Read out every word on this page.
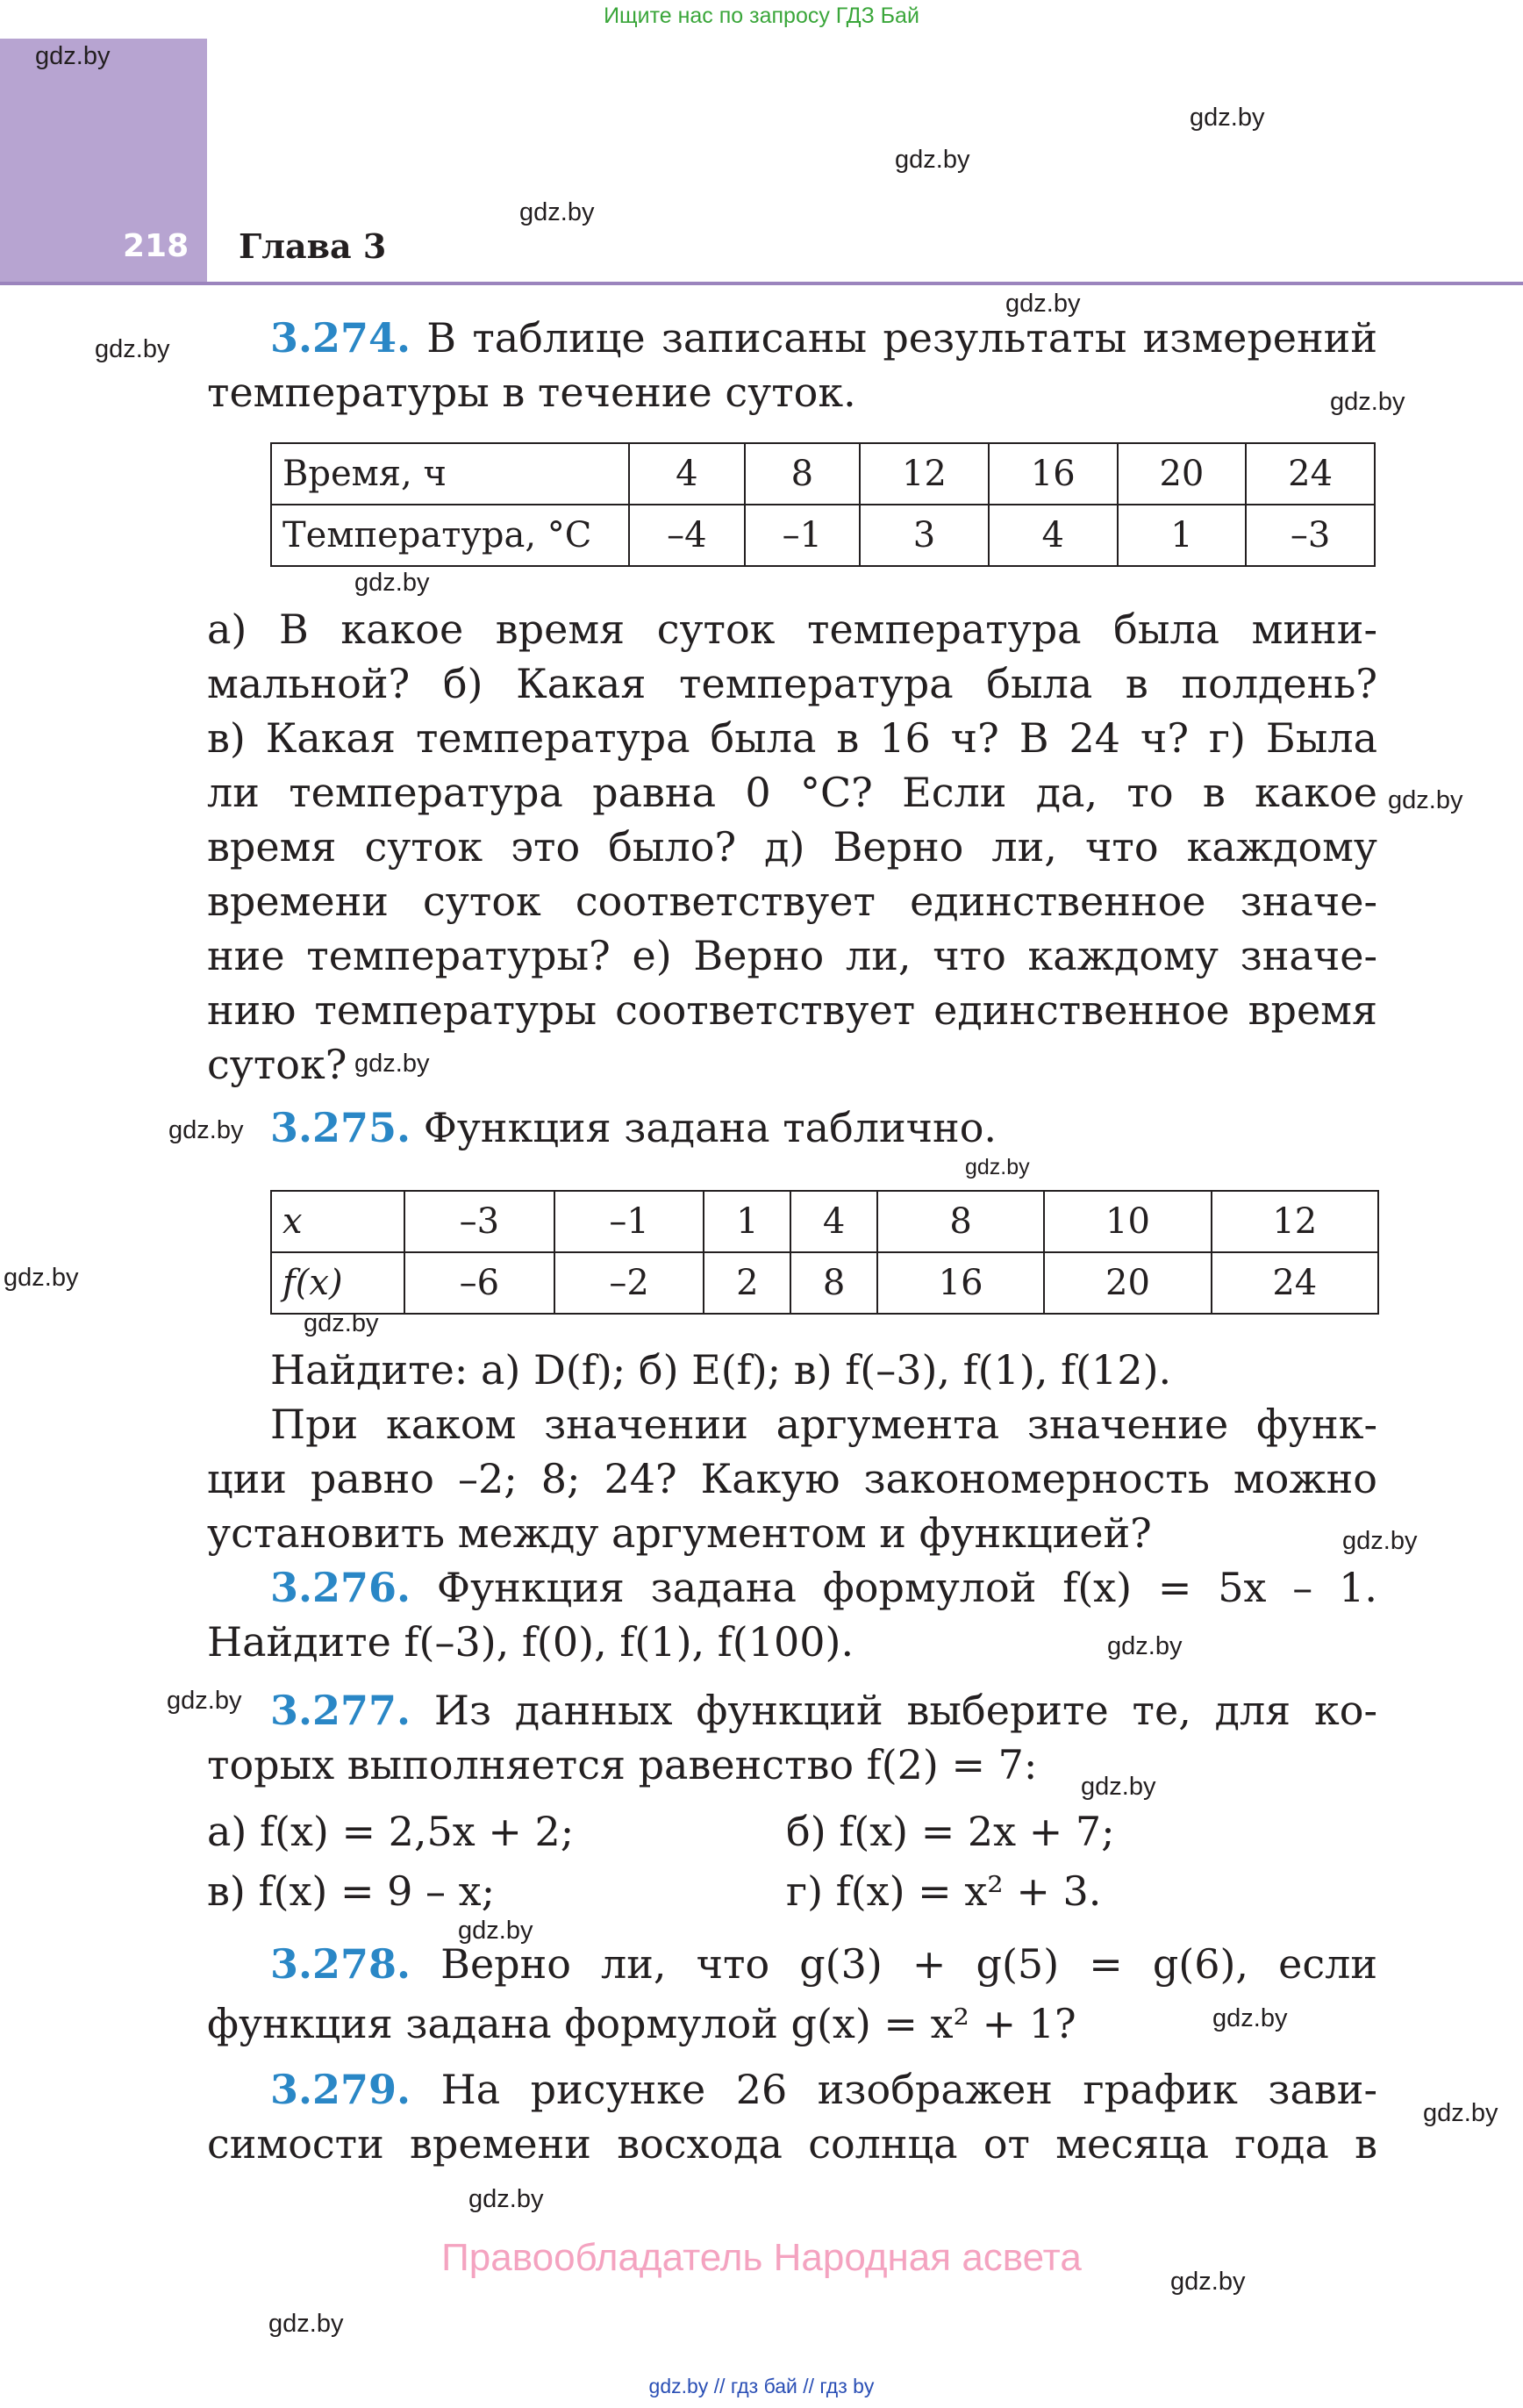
Ищите нас по запросу ГДЗ Бай
218 Глава 3
gdz.by
gdz.by
gdz.by
gdz.by
gdz.by
gdz.by
gdz.by
gdz.by
gdz.by
gdz.by
gdz.by
gdz.by
gdz.by
gdz.by
gdz.by
gdz.by
gdz.by
gdz.by
gdz.by
gdz.by
gdz.by
gdz.by
gdz.by
gdz.by
3.274. В таблице записаны результаты измерений
температуры в течение суток.
Время, ч	4	8	12	16	20	24
Температура, °С	–4	–1	3	4	1	–3
а) В какое время суток температура была мини-
мальной? б) Какая температура была в полдень?
в) Какая температура была в 16 ч? В 24 ч? г) Была
ли температура равна 0 °С? Если да, то в какое
время суток это было? д) Верно ли, что каждому
времени суток соответствует единственное значе-
ние температуры? е) Верно ли, что каждому значе-
нию температуры соответствует единственное время
суток?
3.275. Функция задана таблично.
x	–3	–1	1	4	8	10	12
f(x)	–6	–2	2	8	16	20	24
Найдите: а) D(f); б) E(f); в) f(–3), f(1), f(12).
При каком значении аргумента значение функ-
ции равно –2; 8; 24? Какую закономерность можно
установить между аргументом и функцией?
3.276. Функция задана формулой f(x) = 5x – 1.
Найдите f(–3), f(0), f(1), f(100).
3.277. Из данных функций выберите те, для ко-
торых выполняется равенство f(2) = 7:
а) f(x) = 2,5x + 2;	б) f(x) = 2x + 7;
в) f(x) = 9 – x;	г) f(x) = x² + 3.
3.278. Верно ли, что g(3) + g(5) = g(6), если
функция задана формулой g(x) = x² + 1?
3.279. На рисунке 26 изображен график зави-
симости времени восхода солнца от месяца года в
Правообладатель Народная асвета
gdz.by // гдз бай // гдз by
